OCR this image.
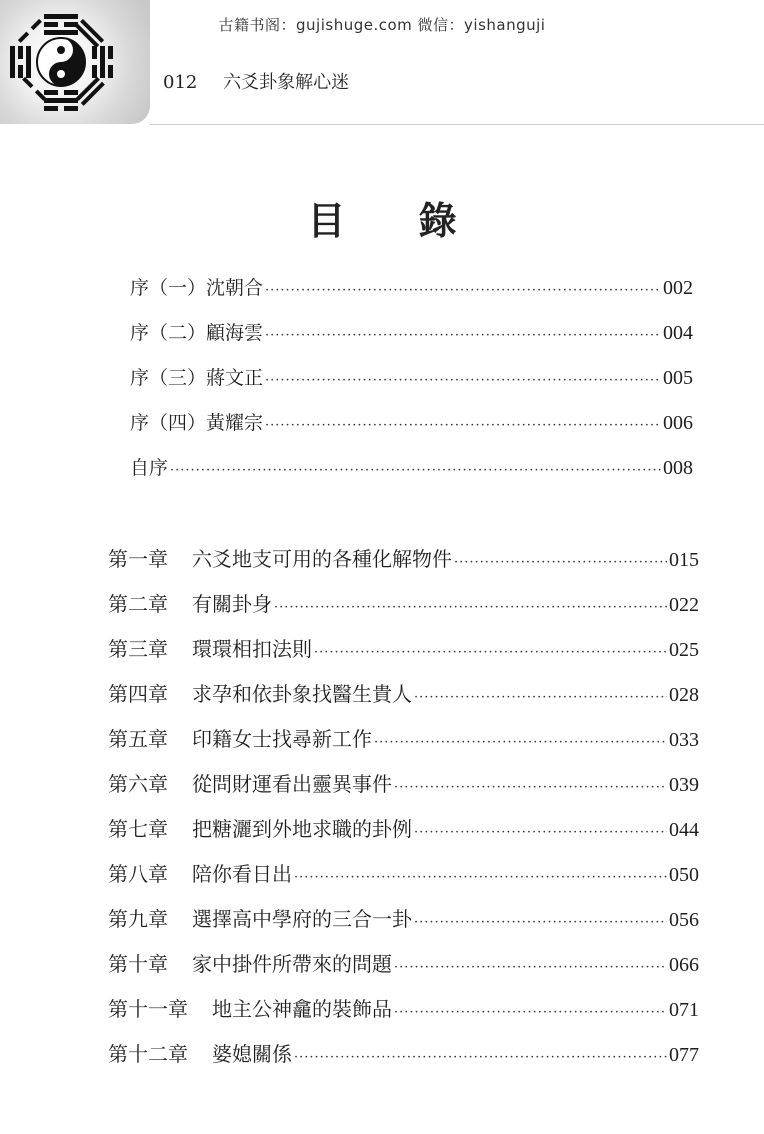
古籍书阁：gujishuge.com 微信：yishanguji
012 六爻卦象解心迷
目 錄
序（一）沈朝合 ·····	002
序（二）顧海雲 ·····	004
序（三）蔣文正 ·····	005
序（四）黃耀宗 ·····	006
自序 ·····	008
第一章 六爻地支可用的各種化解物件 ·····	015
第二章 有關卦身 ·····	022
第三章 環環相扣法則 ·····	025
第四章 求孕和依卦象找醫生貴人 ·····	028
第五章 印籍女士找尋新工作 ·····	033
第六章 從問財運看出靈異事件 ·····	039
第七章 把糖灑到外地求職的卦例 ·····	044
第八章 陪你看日出 ·····	050
第九章 選擇高中學府的三合一卦 ·····	056
第十章 家中掛件所帶來的問題 ·····	066
第十一章 地主公神龕的裝飾品 ·····	071
第十二章 婆媳關係 ·····	077
